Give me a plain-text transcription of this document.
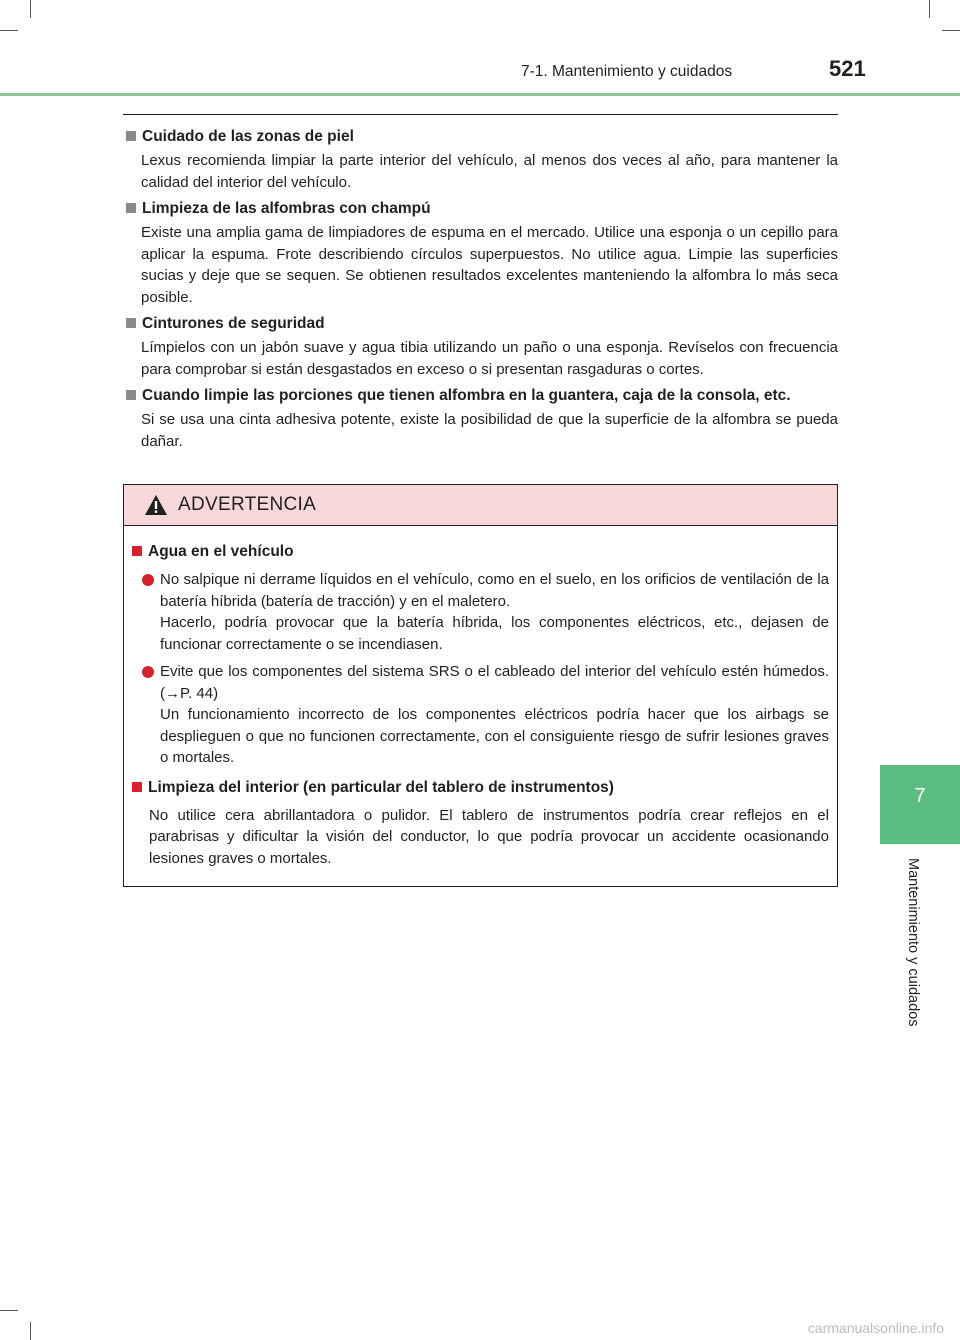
7-1. Mantenimiento y cuidados	521
7
Mantenimiento y cuidados
Cuidado de las zonas de piel

Lexus recomienda limpiar la parte interior del vehículo, al menos dos veces al año, para mantener la calidad del interior del vehículo.

Limpieza de las alfombras con champú

Existe una amplia gama de limpiadores de espuma en el mercado. Utilice una esponja o un cepillo para aplicar la espuma. Frote describiendo círculos superpuestos. No utilice agua. Limpie las superficies sucias y deje que se sequen. Se obtienen resultados excelentes manteniendo la alfombra lo más seca posible.

Cinturones de seguridad

Límpielos con un jabón suave y agua tibia utilizando un paño o una esponja. Revíselos con frecuencia para comprobar si están desgastados en exceso o si presentan rasgaduras o cortes.

Cuando limpie las porciones que tienen alfombra en la guantera, caja de la consola, etc.

Si se usa una cinta adhesiva potente, existe la posibilidad de que la superficie de la alfombra se pueda dañar.

ADVERTENCIA
Agua en el vehículo

No salpique ni derrame líquidos en el vehículo, como en el suelo, en los orificios de ventilación de la batería híbrida (batería de tracción) y en el maletero.

Hacerlo, podría provocar que la batería híbrida, los componentes eléctricos, etc., dejasen de funcionar correctamente o se incendiasen.

Evite que los componentes del sistema SRS o el cableado del interior del vehículo estén húmedos. (→P. 44)

Un funcionamiento incorrecto de los componentes eléctricos podría hacer que los airbags se desplieguen o que no funcionen correctamente, con el consiguiente riesgo de sufrir lesiones graves o mortales.

Limpieza del interior (en particular del tablero de instrumentos)
No utilice cera abrillantadora o pulidor. El tablero de instrumentos podría crear reflejos en el parabrisas y dificultar la visión del conductor, lo que podría provocar un accidente ocasionando lesiones graves o mortales.
carmanualsonline.info
